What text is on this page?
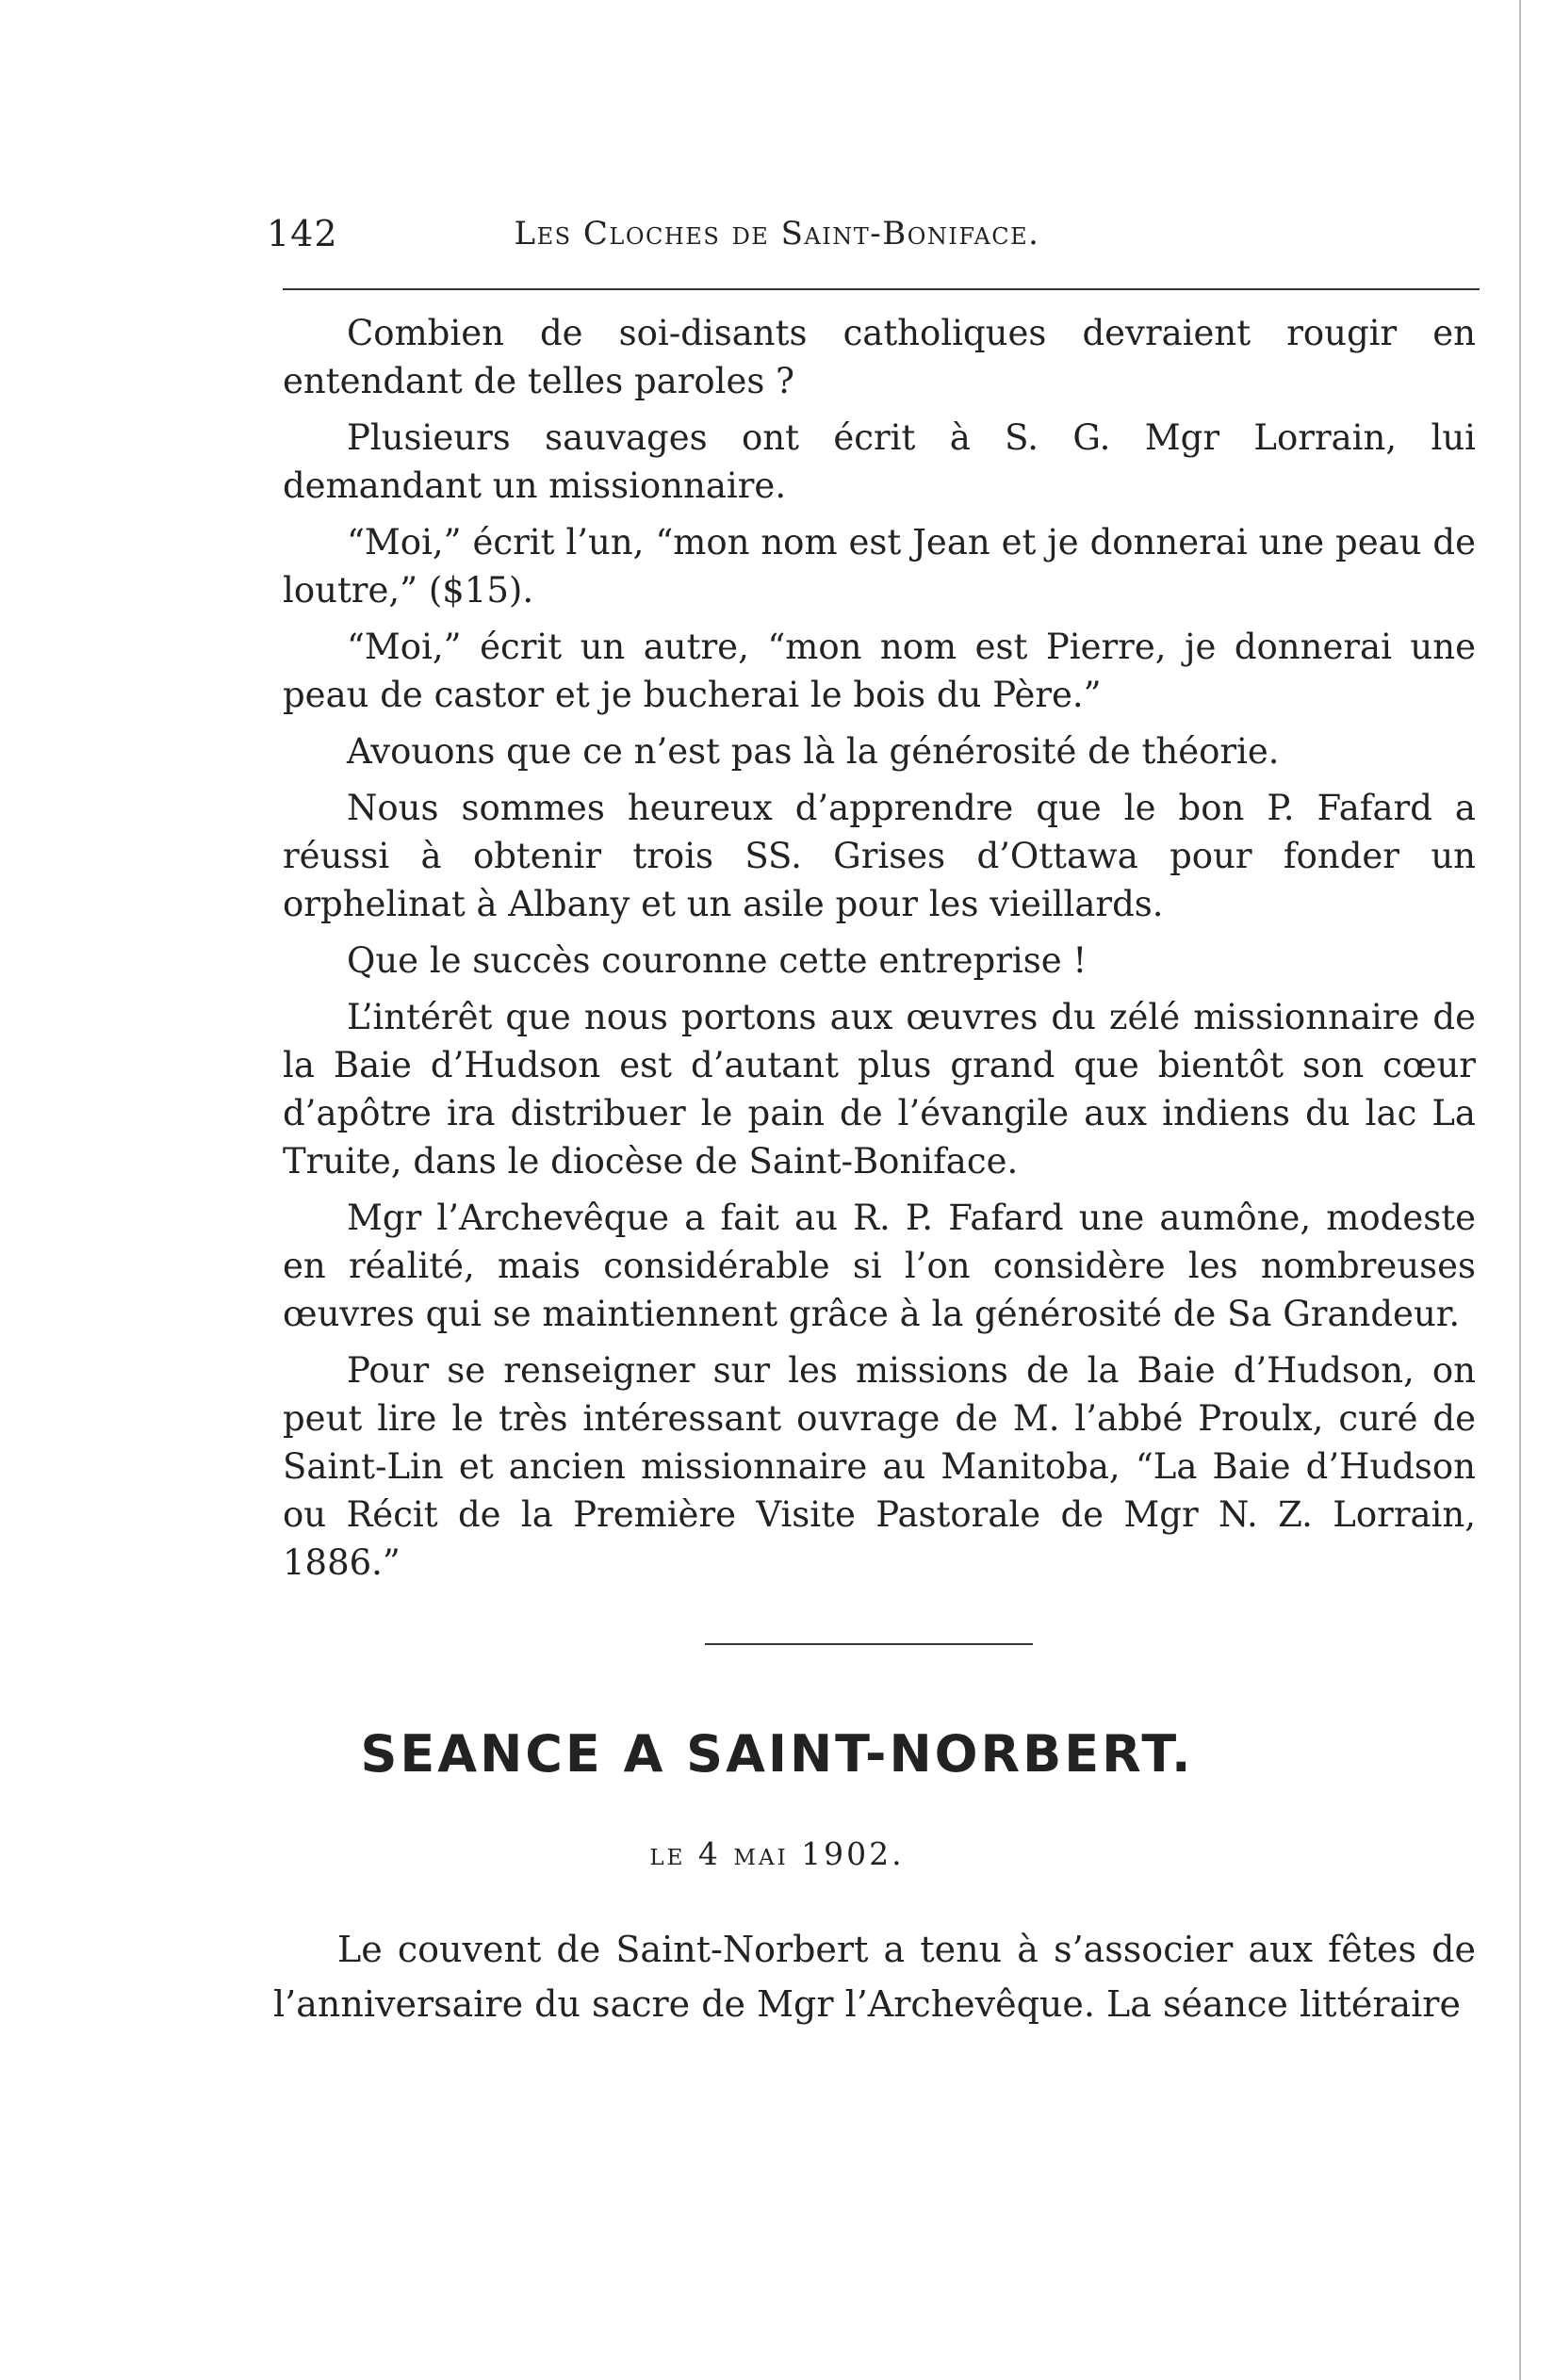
142	Les Cloches de Saint-Boniface.

Combien de soi-disants catholiques devraient rougir en entendant de telles paroles ?

Plusieurs sauvages ont écrit à S. G. Mgr Lorrain, lui demandant un missionnaire.

“Moi,” écrit l’un, “mon nom est Jean et je donnerai une peau de loutre,” ($15).

“Moi,” écrit un autre, “mon nom est Pierre, je donnerai une peau de castor et je bucherai le bois du Père.”

Avouons que ce n’est pas là la générosité de théorie.

Nous sommes heureux d’apprendre que le bon P. Fafard a réussi à obtenir trois SS. Grises d’Ottawa pour fonder un orphelinat à Albany et un asile pour les vieillards.

Que le succès couronne cette entreprise !

L’intérêt que nous portons aux œuvres du zélé missionnaire de la Baie d’Hudson est d’autant plus grand que bientôt son cœur d’apôtre ira distribuer le pain de l’évangile aux indiens du lac La Truite, dans le diocèse de Saint-Boniface.

Mgr l’Archevêque a fait au R. P. Fafard une aumône, modeste en réalité, mais considérable si l’on considère les nombreuses œuvres qui se maintiennent grâce à la générosité de Sa Grandeur.

Pour se renseigner sur les missions de la Baie d’Hudson, on peut lire le très intéressant ouvrage de M. l’abbé Proulx, curé de Saint-Lin et ancien missionnaire au Manitoba, “La Baie d’Hudson ou Récit de la Première Visite Pastorale de Mgr N. Z. Lorrain, 1886.”

SEANCE A SAINT-NORBERT.
le 4 mai 1902.

Le couvent de Saint-Norbert a tenu à s’associer aux fêtes de l’anniversaire du sacre de Mgr l’Archevêque. La séance littéraire
